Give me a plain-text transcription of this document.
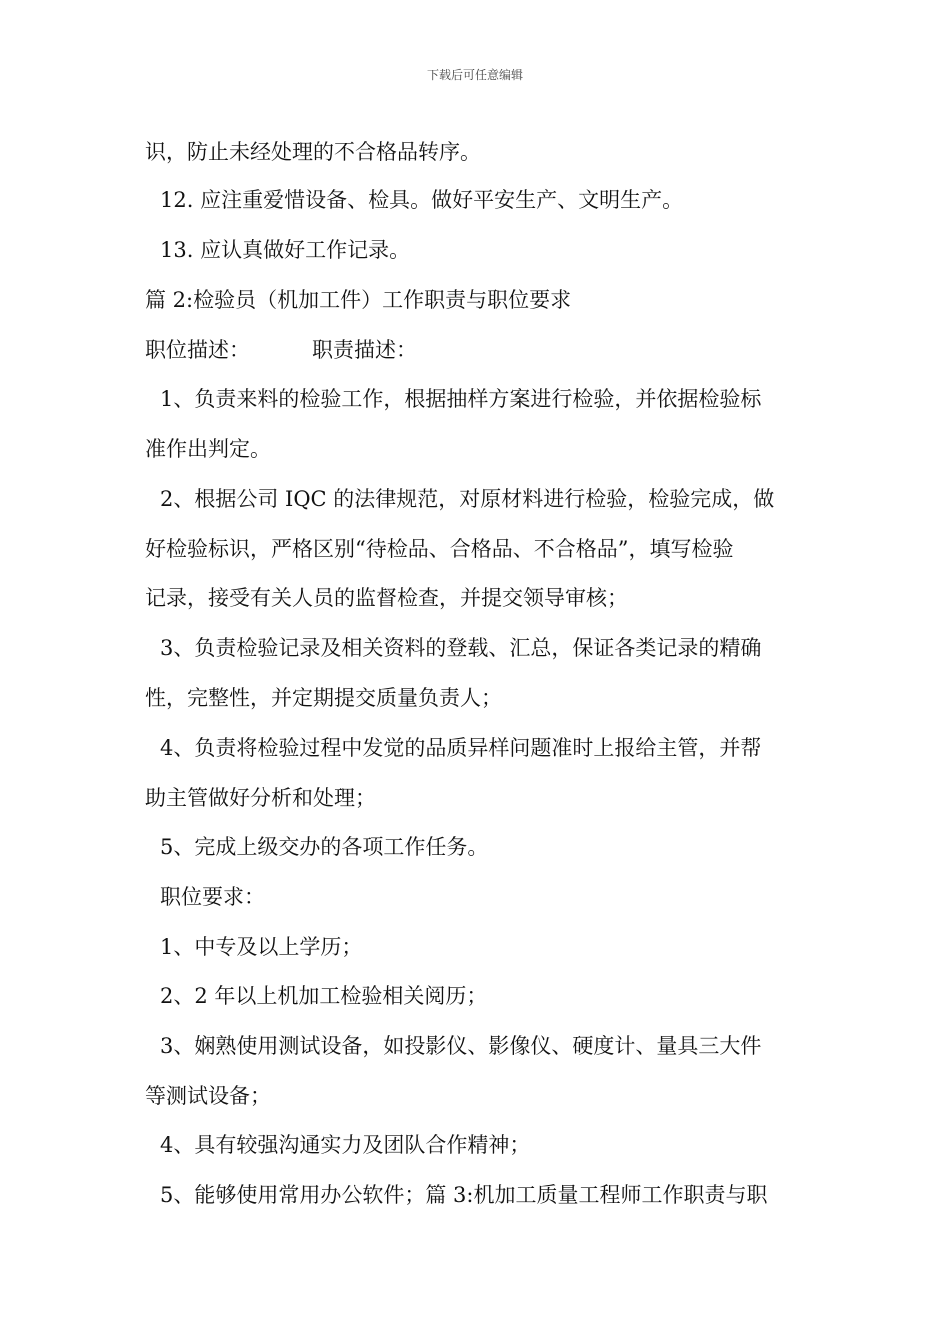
下载后可任意编辑
识，防止未经处理的不合格品转序。
12. 应注重爱惜设备、检具。做好平安生产、文明生产。
13. 应认真做好工作记录。
篇 2:检验员（机加工件）工作职责与职位要求
职位描述：	职责描述：
1、负责来料的检验工作，根据抽样方案进行检验，并依据检验标
准作出判定。
2、根据公司 IQC 的法律规范，对原材料进行检验，检验完成，做
好检验标识，严格区别“待检品、合格品、不合格品”，填写检验
记录，接受有关人员的监督检查，并提交领导审核；
3、负责检验记录及相关资料的登载、汇总，保证各类记录的精确
性，完整性，并定期提交质量负责人；
4、负责将检验过程中发觉的品质异样问题准时上报给主管，并帮
助主管做好分析和处理；
5、完成上级交办的各项工作任务。
职位要求：
1、中专及以上学历；
2、2 年以上机加工检验相关阅历；
3、娴熟使用测试设备，如投影仪、影像仪、硬度计、量具三大件
等测试设备；
4、具有较强沟通实力及团队合作精神；
5、能够使用常用办公软件；篇 3:机加工质量工程师工作职责与职
